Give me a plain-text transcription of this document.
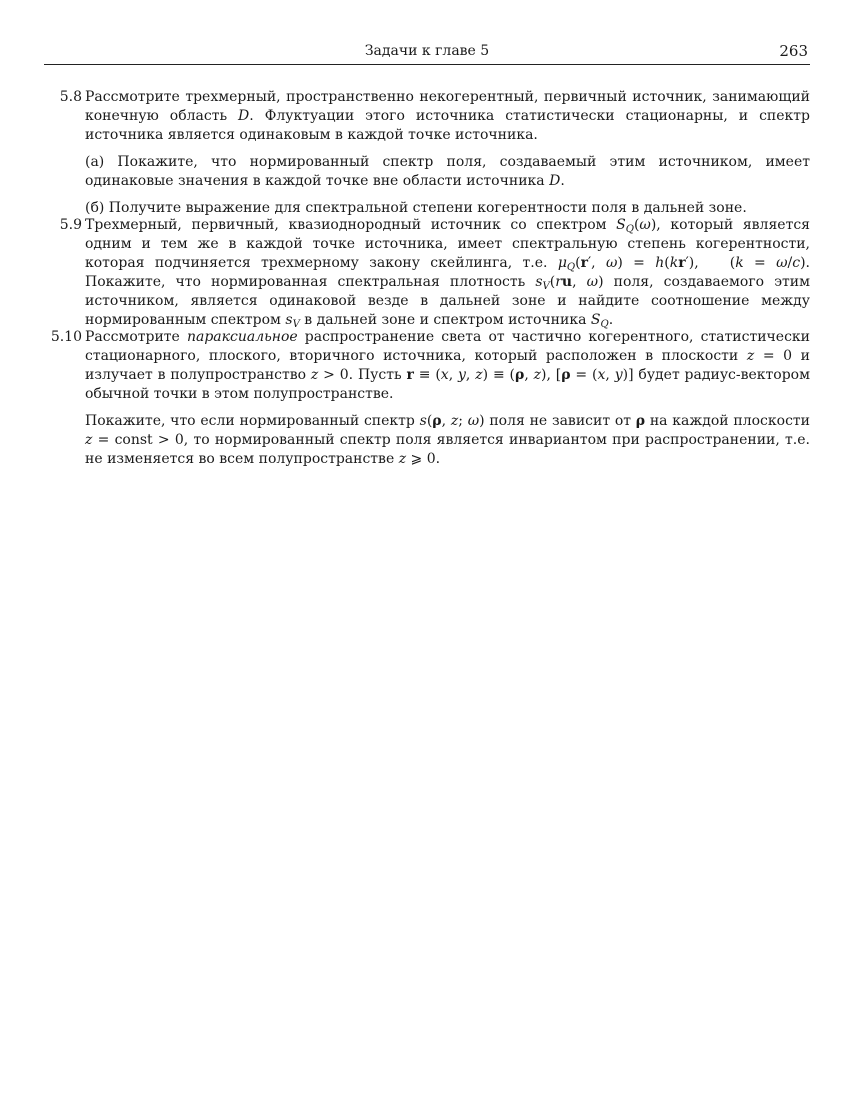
Задачи к главе 5	263
5.8 Рассмотрите трехмерный, пространственно некогерентный, первичный источник, занимающий конечную область D. Флуктуации этого источника статистически стационарны, и спектр источника является одинаковым в каждой точке источника.

(а) Покажите, что нормированный спектр поля, создаваемый этим источником, имеет одинаковые значения в каждой точке вне области источника D.

(б) Получите выражение для спектральной степени когерентности поля в дальней зоне.

5.9 Трехмерный, первичный, квазиоднородный источник со спектром $S_Q(\omega)$, который является одним и тем же в каждой точке источника, имеет спектральную степень когерентности, которая подчиняется трехмерному закону скейлинга, т.е. $\mu_Q(r'$, ω) = h(kr′),   (k = ω/c). Покажите, что нормированная спектральная плотность $s_V(ru$, ω) поля, создаваемого этим источником, является одинаковой везде в дальней зоне и найдите соотношение между нормированным спектром $s_V$ в дальней зоне и спектром источника $S_Q$.

5.10 Рассмотрите параксиальное распространение света от частично когерентного, статистически стационарного, плоского, вторичного источника, который расположен в плоскости z = 0 и излучает в полупространство z > 0. Пусть r ≡ (x, y, z) ≡ (ρ, z), [ρ = (x, y)] будет радиус-вектором обычной точки в этом полупространстве.

Покажите, что если нормированный спектр s(ρ, z; ω) поля не зависит от ρ на каждой плоскости z = const > 0, то нормированный спектр поля является инвариантом при распространении, т.е. не изменяется во всем полупространстве z ⩾ 0.
